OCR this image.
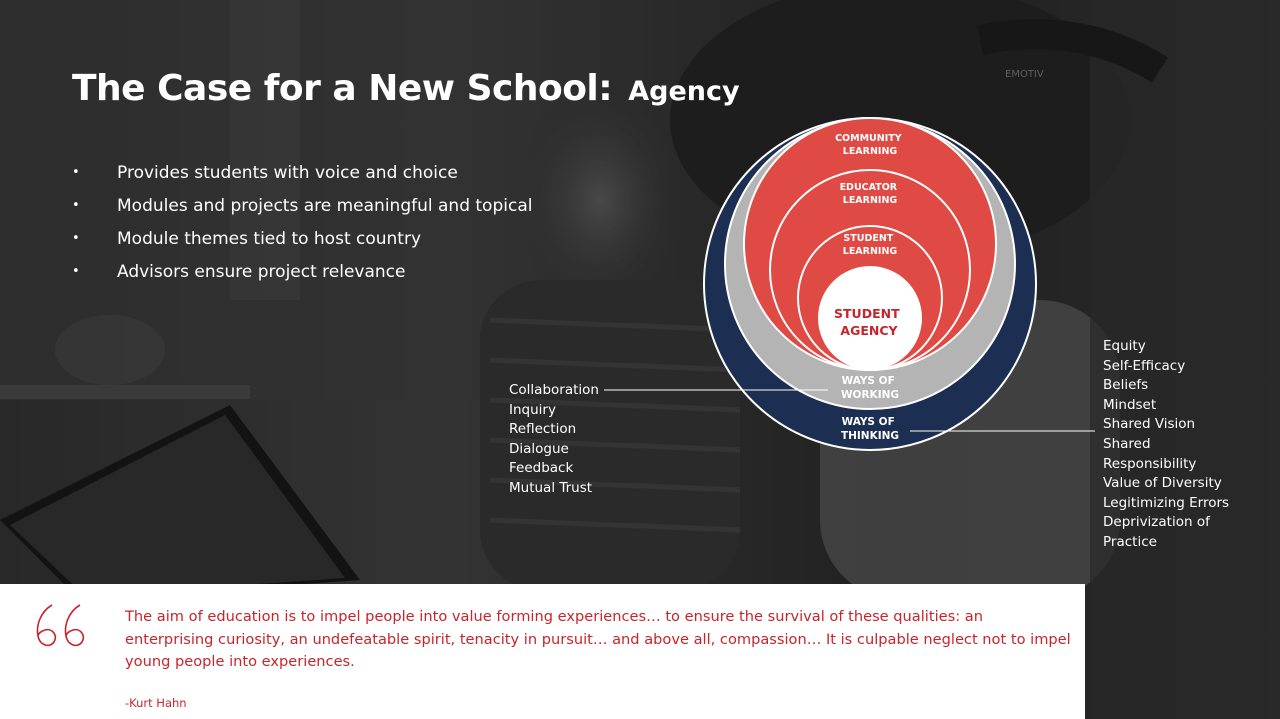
EMOTIV
The Case for a New School: Agency
• Provides students with voice and choice
• Modules and projects are meaningful and topical
• Module themes tied to host country
• Advisors ensure project relevance
COMMUNITY LEARNING
EDUCATOR LEARNING
STUDENT LEARNING
STUDENT AGENCY
WAYS OF WORKING
WAYS OF THINKING
Collaboration
Inquiry
Reflection
Dialogue
Feedback
Mutual Trust
Equity
Self-Efficacy
Beliefs
Mindset
Shared Vision
Shared
Responsibility
Value of Diversity
Legitimizing Errors
Deprivization of
Practice

The aim of education is to impel people into value forming experiences… to ensure the survival of these qualities: an enterprising curiosity, an undefeatable spirit, tenacity in pursuit… and above all, compassion… It is culpable neglect not to impel young people into experiences.

-Kurt Hahn
